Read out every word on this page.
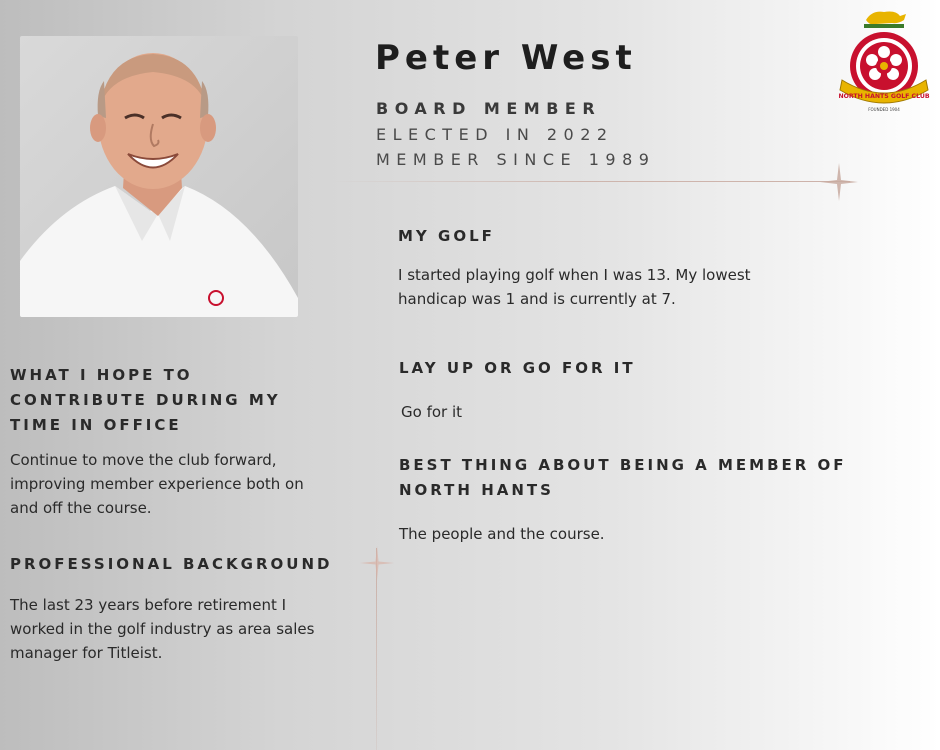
NORTH HANTS GOLF CLUB
FOUNDED 1904
Peter West
BOARD MEMBER
ELECTED IN 2022
MEMBER SINCE 1989
MY GOLF
I started playing golf when I was 13. My lowest
handicap was 1 and is currently at 7.
LAY UP OR GO FOR IT
Go for it
BEST THING ABOUT BEING A MEMBER OF
NORTH HANTS
The people and the course.
WHAT I HOPE TO
CONTRIBUTE DURING MY
TIME IN OFFICE
Continue to move the club forward,
improving member experience both on
and off the course.
PROFESSIONAL BACKGROUND
The last 23 years before retirement I
worked in the golf industry as area sales
manager for Titleist.
